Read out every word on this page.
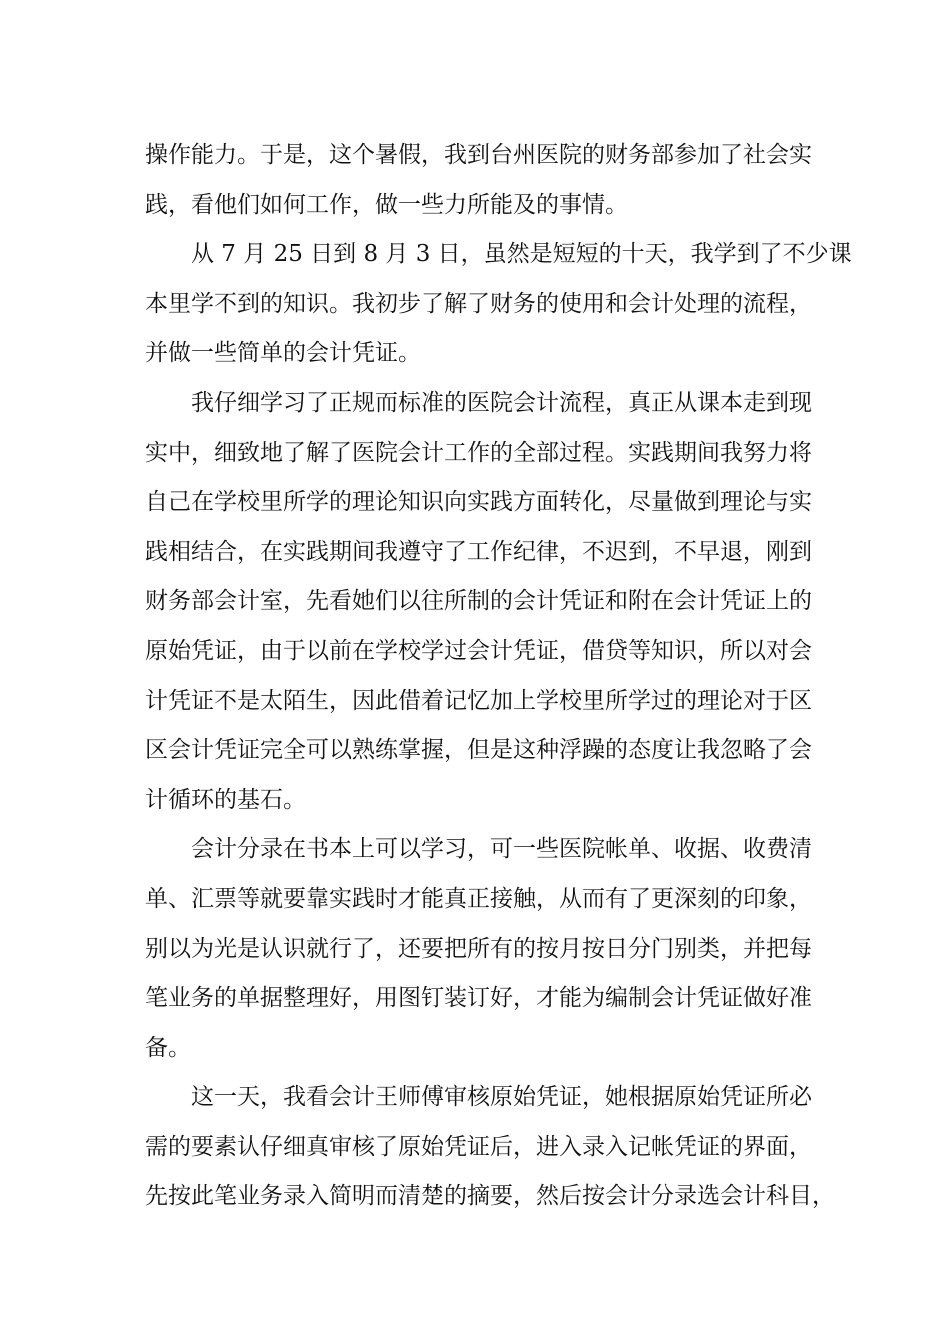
操作能力。于是，这个暑假，我到台州医院的财务部参加了社会实
践，看他们如何工作，做一些力所能及的事情。
从 7 月 25 日到 8 月 3 日，虽然是短短的十天，我学到了不少课
本里学不到的知识。我初步了解了财务的使用和会计处理的流程，
并做一些简单的会计凭证。
我仔细学习了正规而标准的医院会计流程，真正从课本走到现
实中，细致地了解了医院会计工作的全部过程。实践期间我努力将
自己在学校里所学的理论知识向实践方面转化，尽量做到理论与实
践相结合，在实践期间我遵守了工作纪律，不迟到，不早退，刚到
财务部会计室，先看她们以往所制的会计凭证和附在会计凭证上的
原始凭证，由于以前在学校学过会计凭证，借贷等知识，所以对会
计凭证不是太陌生，因此借着记忆加上学校里所学过的理论对于区
区会计凭证完全可以熟练掌握，但是这种浮躁的态度让我忽略了会
计循环的基石。
会计分录在书本上可以学习，可一些医院帐单、收据、收费清
单、汇票等就要靠实践时才能真正接触，从而有了更深刻的印象，
别以为光是认识就行了，还要把所有的按月按日分门别类，并把每
笔业务的单据整理好，用图钉装订好，才能为编制会计凭证做好准
备。
这一天，我看会计王师傅审核原始凭证，她根据原始凭证所必
需的要素认仔细真审核了原始凭证后，进入录入记帐凭证的界面，
先按此笔业务录入简明而清楚的摘要，然后按会计分录选会计科目，
